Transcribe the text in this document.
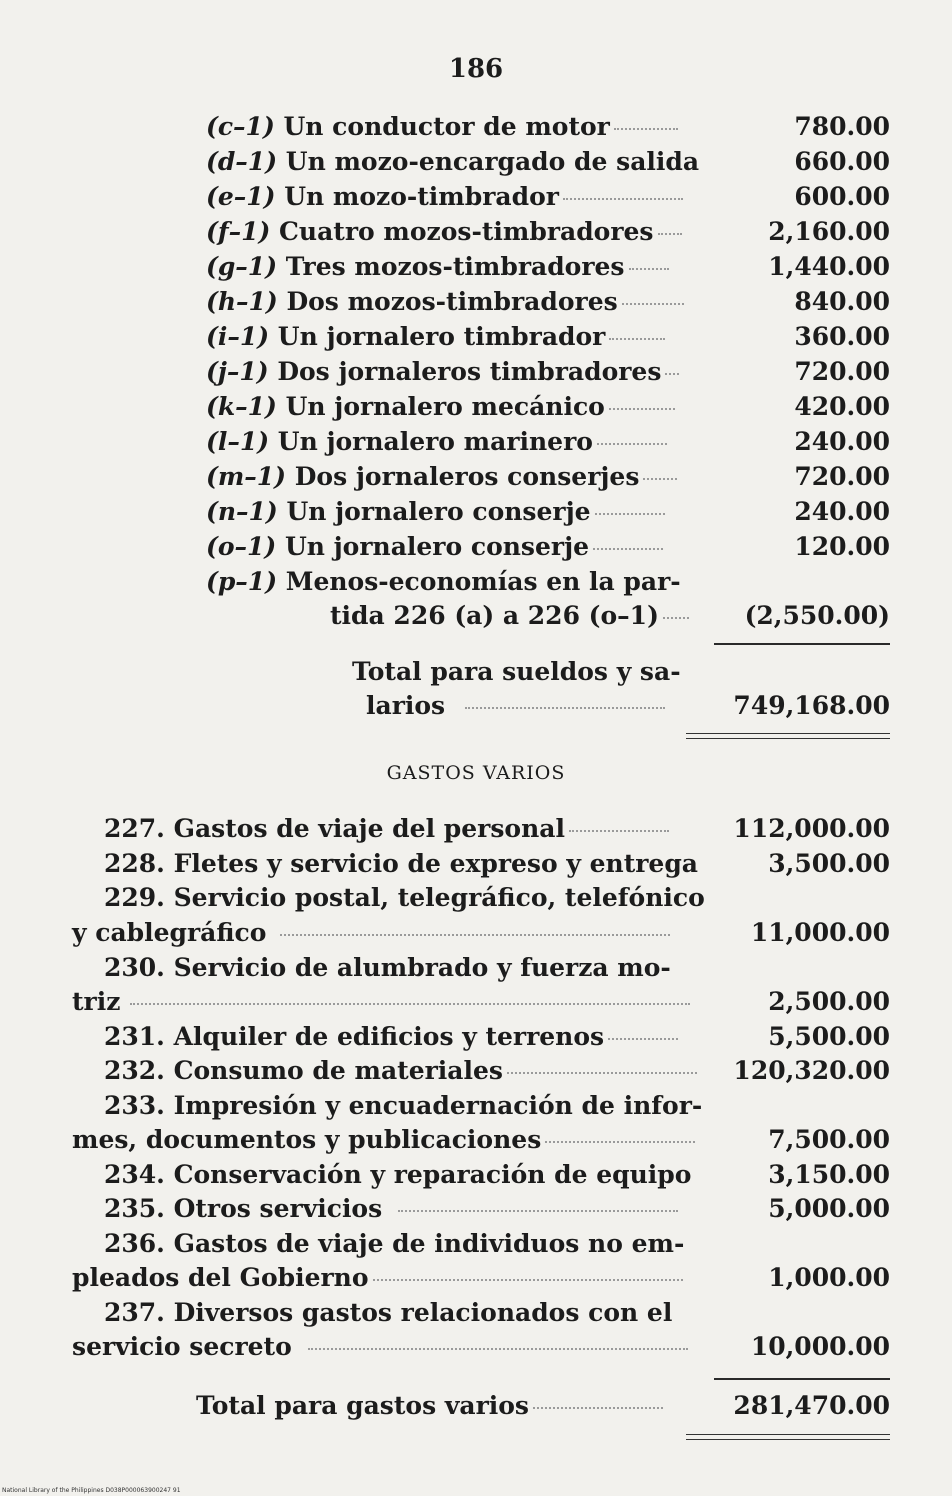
186
(c–1) Un conductor de motor	780.00
(d–1) Un mozo-encargado de salida	660.00
(e–1) Un mozo-timbrador	600.00
(f–1) Cuatro mozos-timbradores	2,160.00
(g–1) Tres mozos-timbradores	1,440.00
(h–1) Dos mozos-timbradores	840.00
(i–1) Un jornalero timbrador	360.00
(j–1) Dos jornaleros timbradores	720.00
(k–1) Un jornalero mecánico	420.00
(l–1) Un jornalero marinero	240.00
(m–1) Dos jornaleros conserjes	720.00
(n–1) Un jornalero conserje	240.00
(o–1) Un jornalero conserje	120.00
(p–1) Menos-economías en la par-
tida 226 (a) a 226 (o–1)	(2,550.00)
Total para sueldos y sa-
larios	749,168.00
GASTOS VARIOS
227. Gastos de viaje del personal	112,000.00
228. Fletes y servicio de expreso y entrega	3,500.00
229. Servicio postal, telegráfico, telefónico
y cablegráfico	11,000.00
230. Servicio de alumbrado y fuerza mo-
triz	2,500.00
231. Alquiler de edificios y terrenos	5,500.00
232. Consumo de materiales	120,320.00
233. Impresión y encuadernación de infor-
mes, documentos y publicaciones	7,500.00
234. Conservación y reparación de equipo	3,150.00
235. Otros servicios	5,000.00
236. Gastos de viaje de individuos no em-
pleados del Gobierno	1,000.00
237. Diversos gastos relacionados con el
servicio secreto	10,000.00
Total para gastos varios	281,470.00
National Library of the Philippines D038P000063900247 91
